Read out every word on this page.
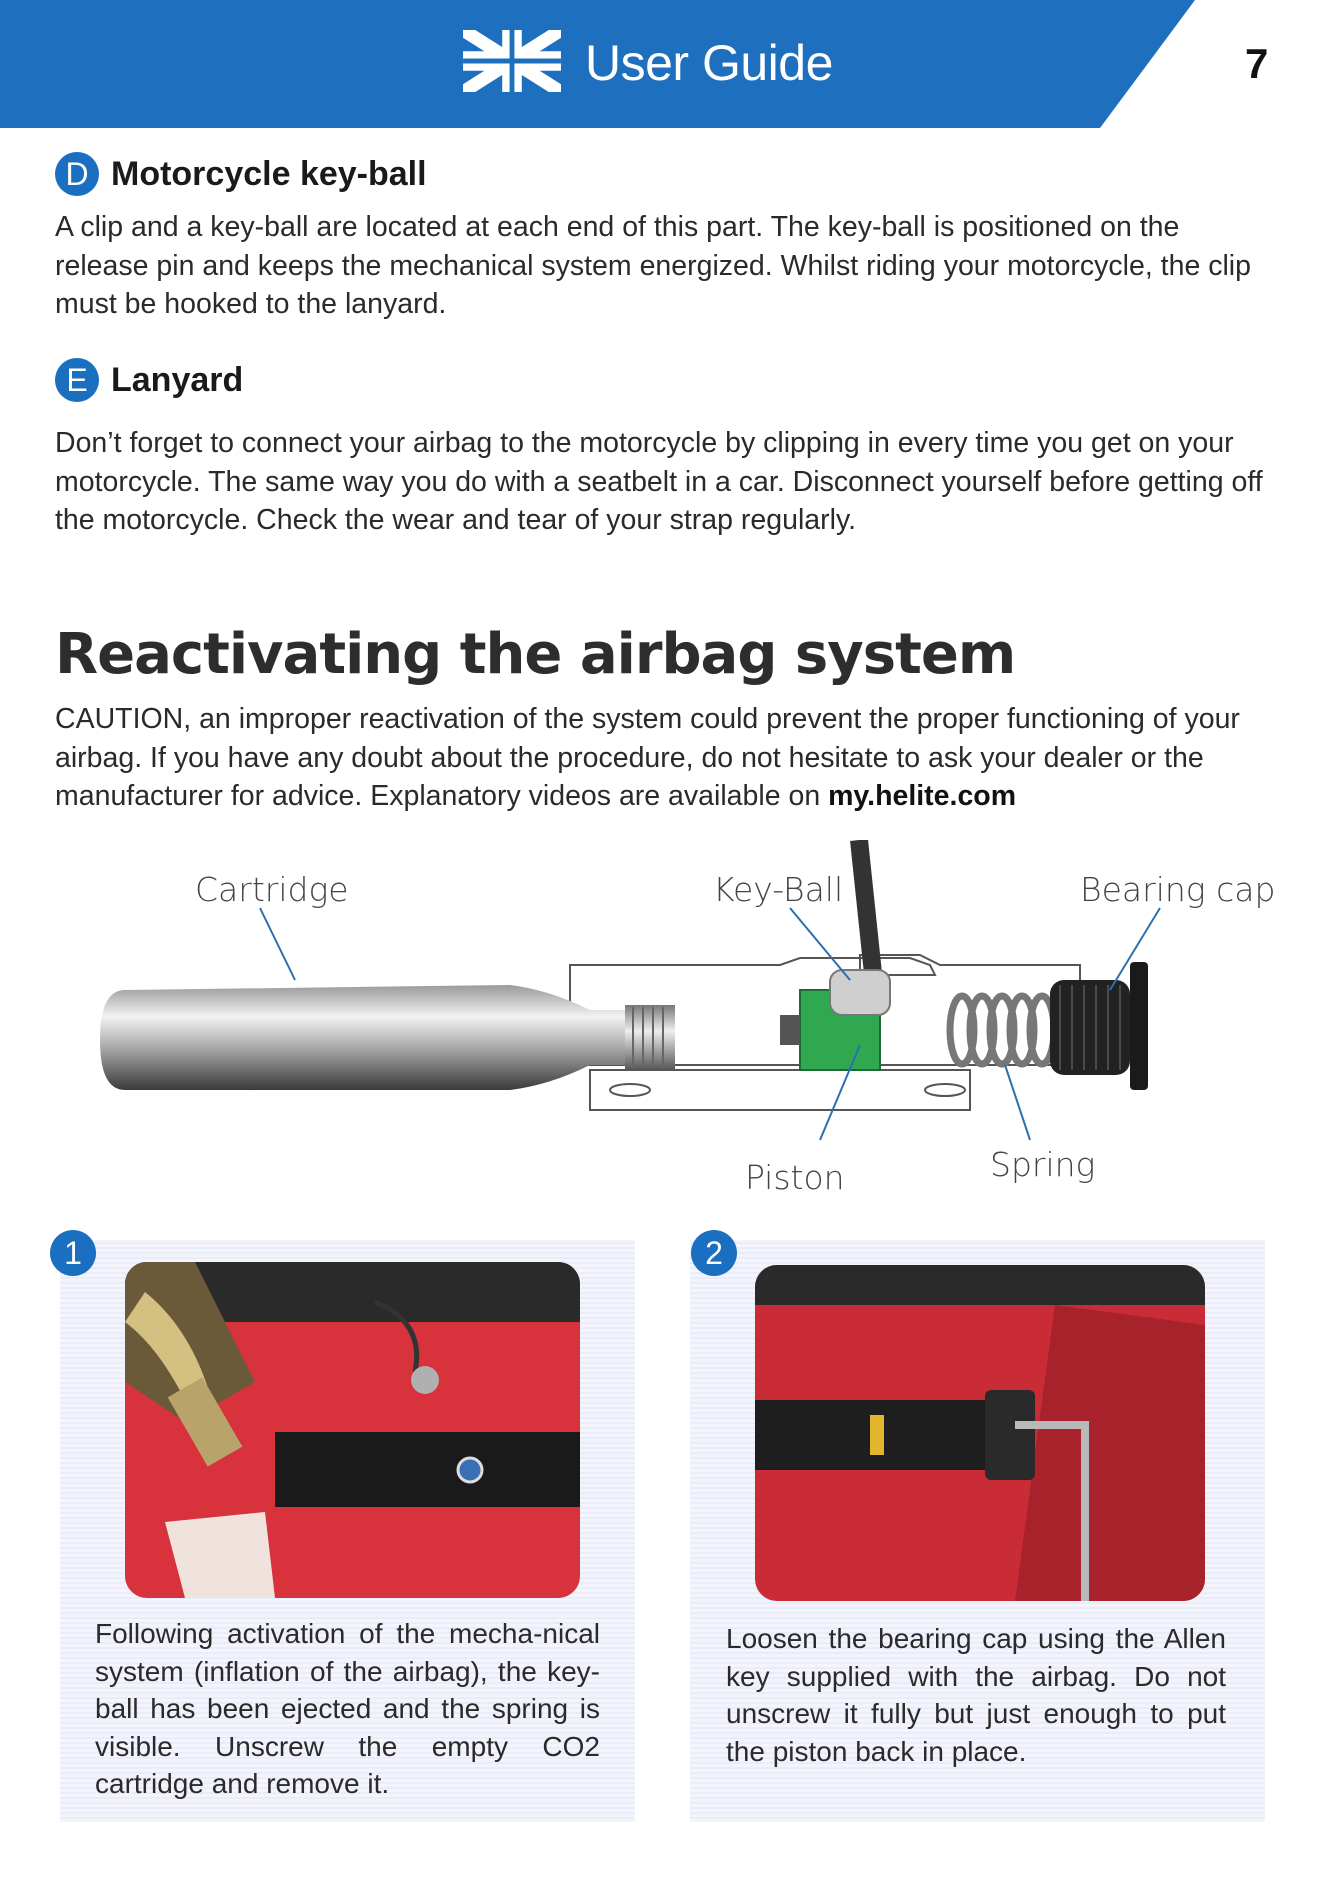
User Guide	7
D Motorcycle key-ball
A clip and a key-ball are located at each end of this part. The key-ball is positioned on the release pin and keeps the mechanical system energized. Whilst riding your motorcycle, the clip must be hooked to the lanyard.
E Lanyard
Don’t forget to connect your airbag to the motorcycle by clipping in every time you get on your motorcycle. The same way you do with a seatbelt in a car. Disconnect yourself before getting off the motorcycle. Check the wear and tear of your strap regularly.
Reactivating the airbag system
CAUTION, an improper reactivation of the system could prevent the proper functioning of your airbag. If you have any doubt about the procedure, do not hesitate to ask your dealer or the manufacturer for advice. Explanatory videos are available on my.helite.com
Cartridge	Key-Ball	Bearing cap
Piston	Spring
1
Following activation of the mecha-nical system (inflation of the airbag), the key-ball has been ejected and the spring is visible. Unscrew the empty CO2 cartridge and remove it.
2
Loosen the bearing cap using the Allen key supplied with the airbag. Do not unscrew it fully but just enough to put the piston back in place.
